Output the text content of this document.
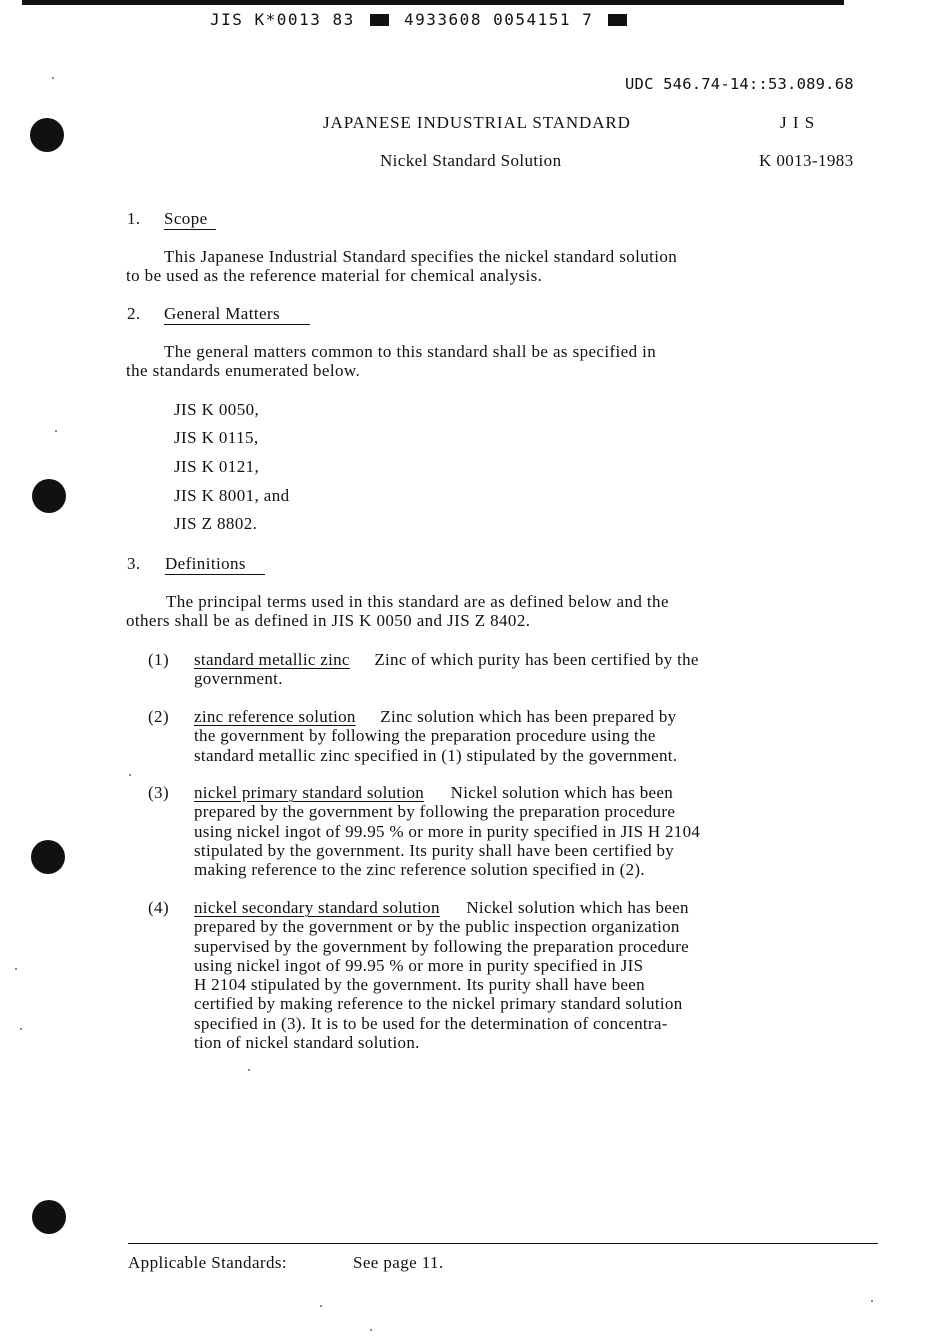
JIS K*0013 83	4933608 0054151 7
UDC 546.74-14::53.089.68
JAPANESE INDUSTRIAL STANDARD	J I S
Nickel Standard Solution	K 0013-1983
1. Scope
This Japanese Industrial Standard specifies the nickel standard solution
to be used as the reference material for chemical analysis.
2. General Matters
The general matters common to this standard shall be as specified in
the standards enumerated below.
JIS K 0050,
JIS K 0115,
JIS K 0121,
JIS K 8001, and
JIS Z 8802.
3. Definitions
The principal terms used in this standard are as defined below and the
others shall be as defined in JIS K 0050 and JIS Z 8402.
(1) standard metallic zinc Zinc of which purity has been certified by the
government.
(2) zinc reference solution Zinc solution which has been prepared by
the government by following the preparation procedure using the
standard metallic zinc specified in (1) stipulated by the government.
(3) nickel primary standard solution Nickel solution which has been
prepared by the government by following the preparation procedure
using nickel ingot of 99.95 % or more in purity specified in JIS H 2104
stipulated by the government. Its purity shall have been certified by
making reference to the zinc reference solution specified in (2).
(4) nickel secondary standard solution Nickel solution which has been
prepared by the government or by the public inspection organization
supervised by the government by following the preparation procedure
using nickel ingot of 99.95 % or more in purity specified in JIS
H 2104 stipulated by the government. Its purity shall have been
certified by making reference to the nickel primary standard solution
specified in (3). It is to be used for the determination of concentra-
tion of nickel standard solution.
Applicable Standards:	See page 11.
